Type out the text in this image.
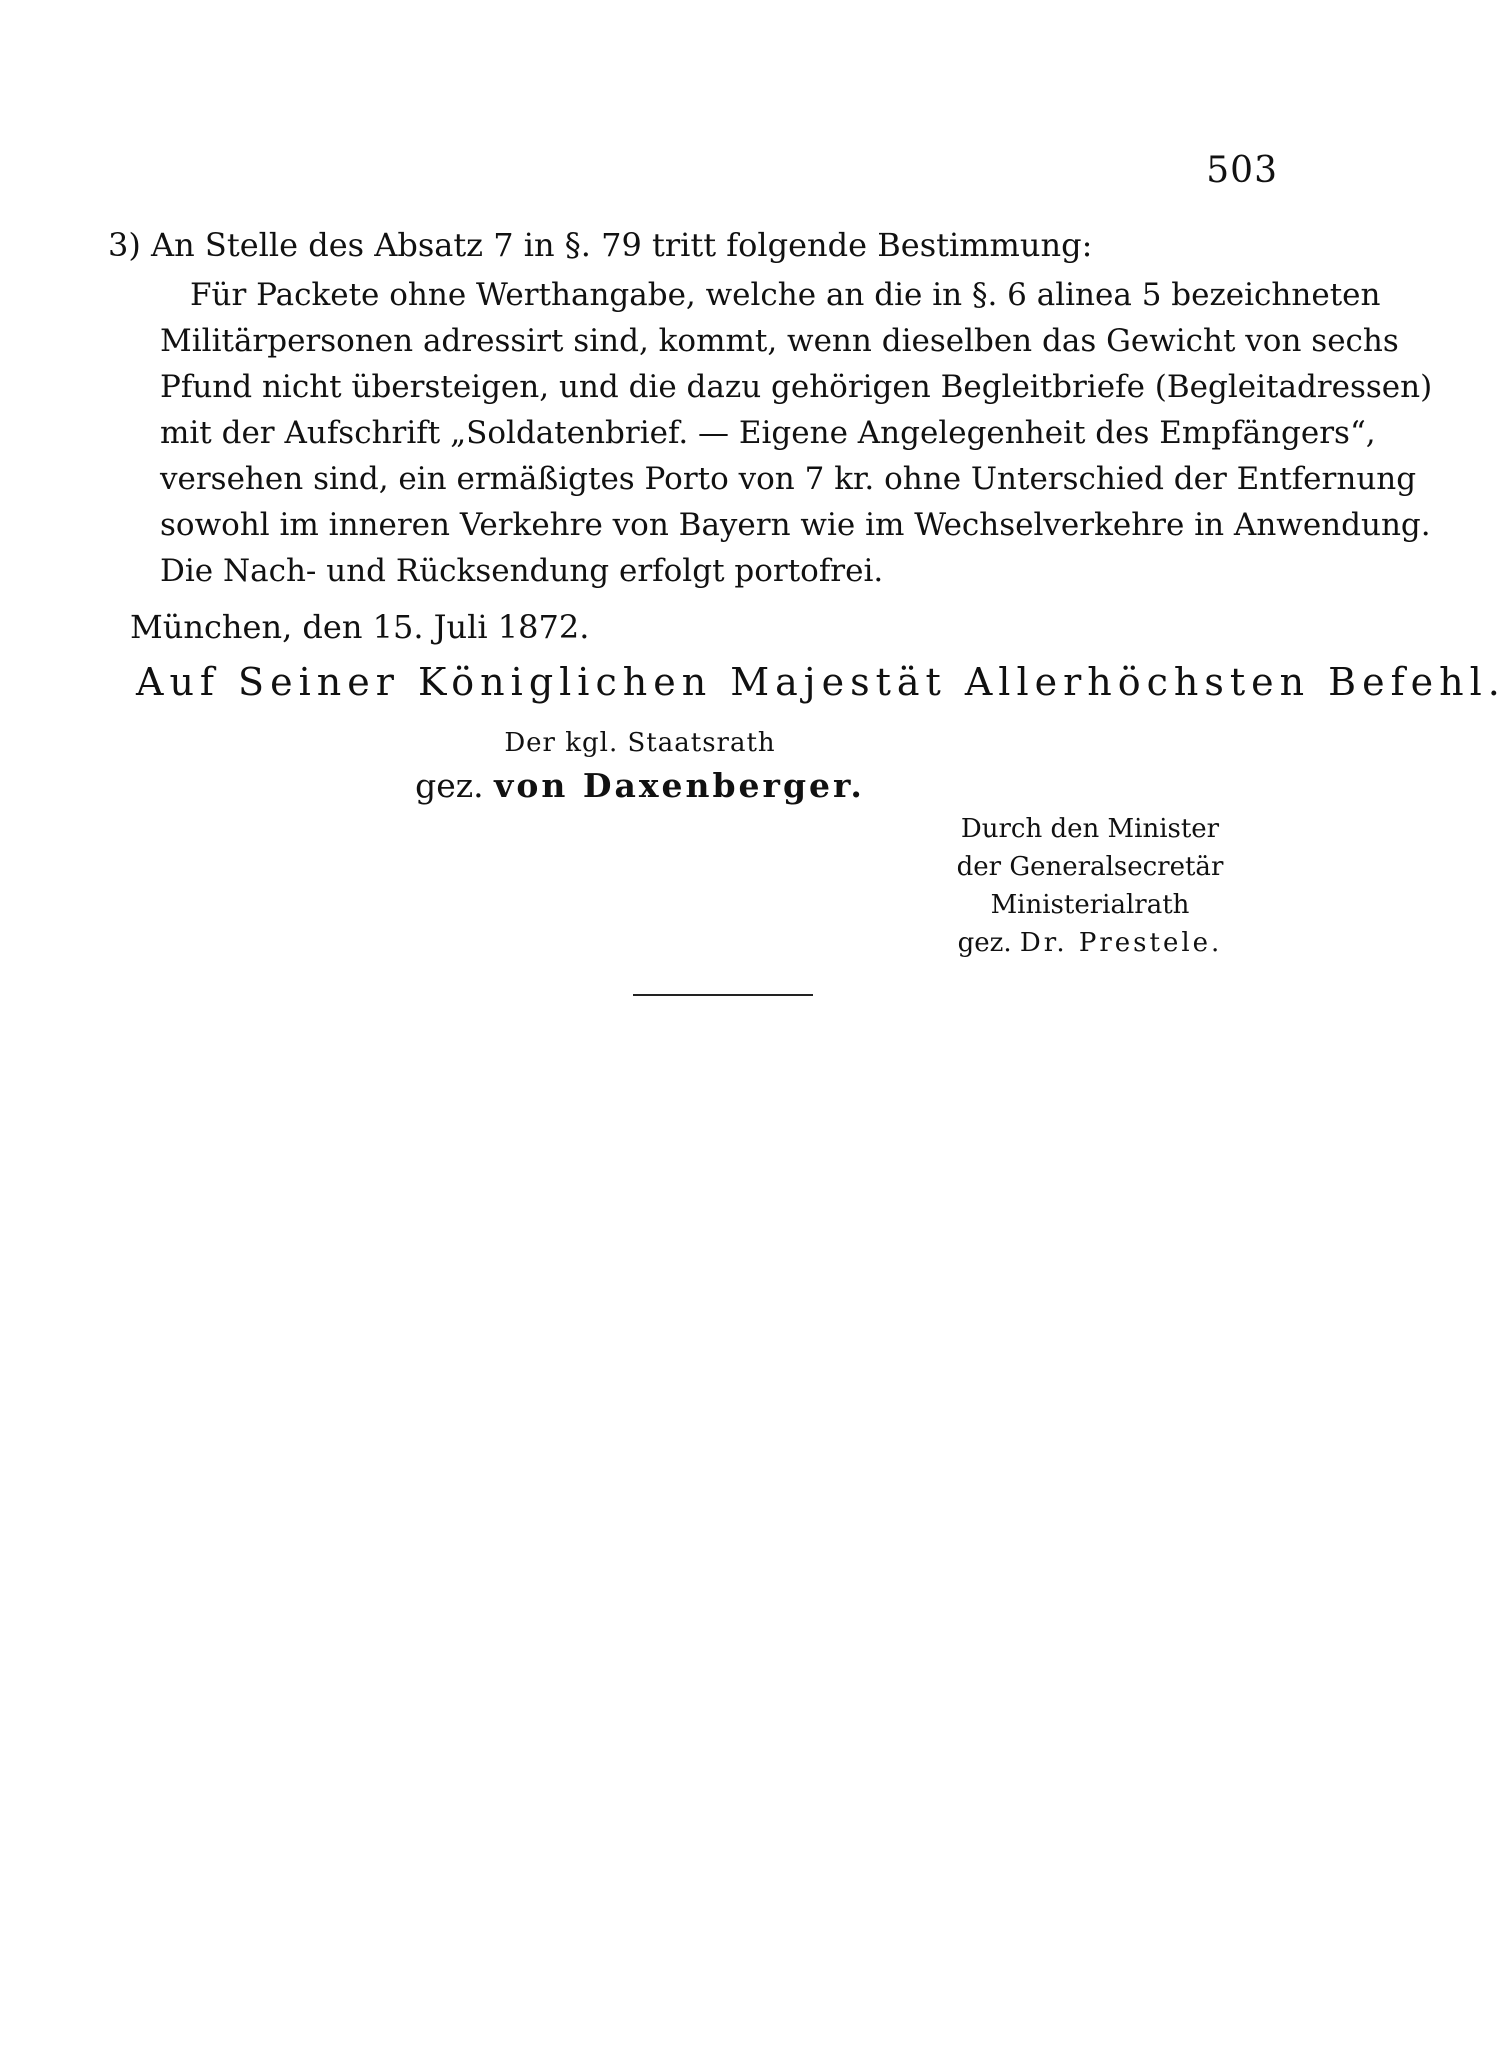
503
3) An Stelle des Absatz 7 in §. 79 tritt folgende Bestimmung:
Für Packete ohne Werthangabe, welche an die in §. 6 alinea 5 bezeichneten
Militärpersonen adressirt sind, kommt, wenn dieselben das Gewicht von sechs
Pfund nicht übersteigen, und die dazu gehörigen Begleitbriefe (Begleitadressen)
mit der Aufschrift „Soldatenbrief. — Eigene Angelegenheit des Empfängers“,
versehen sind, ein ermäßigtes Porto von 7 kr. ohne Unterschied der Entfernung
sowohl im inneren Verkehre von Bayern wie im Wechselverkehre in Anwendung.
Die Nach- und Rücksendung erfolgt portofrei.
München, den 15. Juli 1872.
Auf Seiner Königlichen Majestät Allerhöchsten Befehl.
Der kgl. Staatsrath
gez. von Daxenberger.
Durch den Minister
der Generalsecretär
Ministerialrath
gez. Dr. Prestele.
